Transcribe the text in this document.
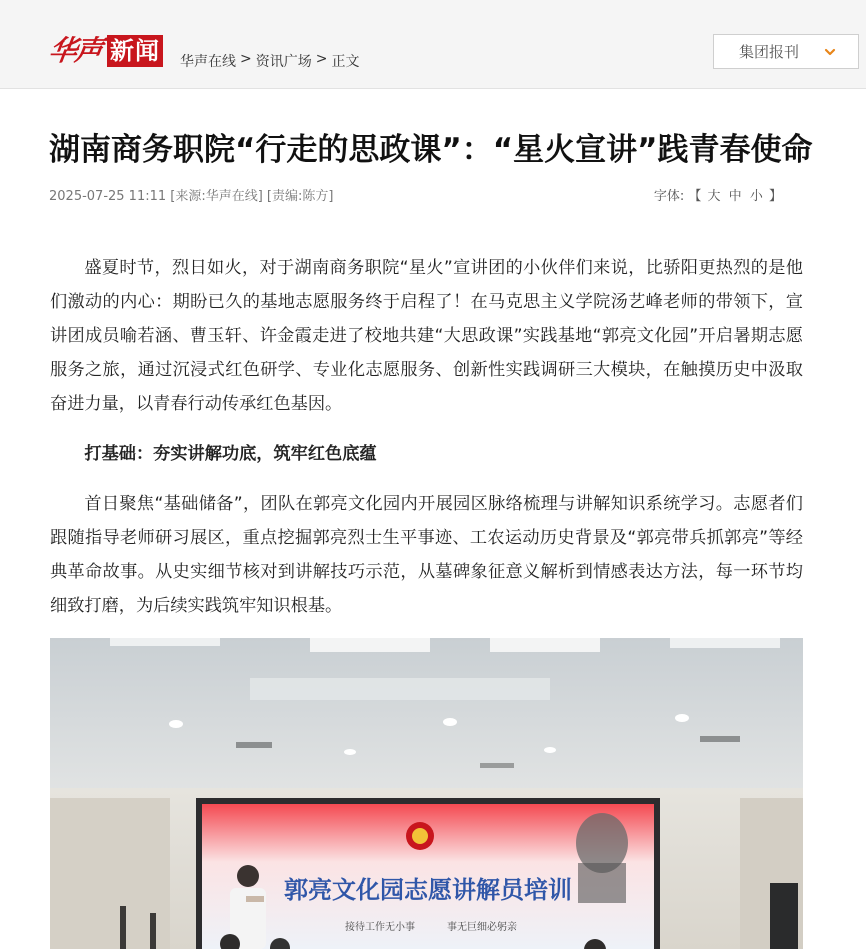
华声 新闻 华声在线 > 资讯广场 > 正文
集团报刊
湖南商务职院“行走的思政课”：“星火宣讲”践青春使命
2025-07-25 11:11 [来源:华声在线] [责编:陈方]	字体: 【 大 中 小 】

盛夏时节，烈日如火，对于湖南商务职院“星火”宣讲团的小伙伴们来说，比骄阳更热烈的是他们激动的内心：期盼已久的基地志愿服务终于启程了！在马克思主义学院汤艺峰老师的带领下，宣讲团成员喻若涵、曹玉轩、许金霞走进了校地共建“大思政课”实践基地“郭亮文化园”开启暑期志愿服务之旅，通过沉浸式红色研学、专业化志愿服务、创新性实践调研三大模块，在触摸历史中汲取奋进力量，以青春行动传承红色基因。

打基础：夯实讲解功底，筑牢红色底蕴

首日聚焦“基础储备”，团队在郭亮文化园内开展园区脉络梳理与讲解知识系统学习。志愿者们跟随指导老师研习展区，重点挖掘郭亮烈士生平事迹、工农运动历史背景及“郭亮带兵抓郭亮”等经典革命故事。从史实细节核对到讲解技巧示范，从墓碑象征意义解析到情感表达方法，每一环节均细致打磨，为后续实践筑牢知识根基。

郭亮文化园志愿讲解员培训
接待工作无小事	事无巨细必躬亲
